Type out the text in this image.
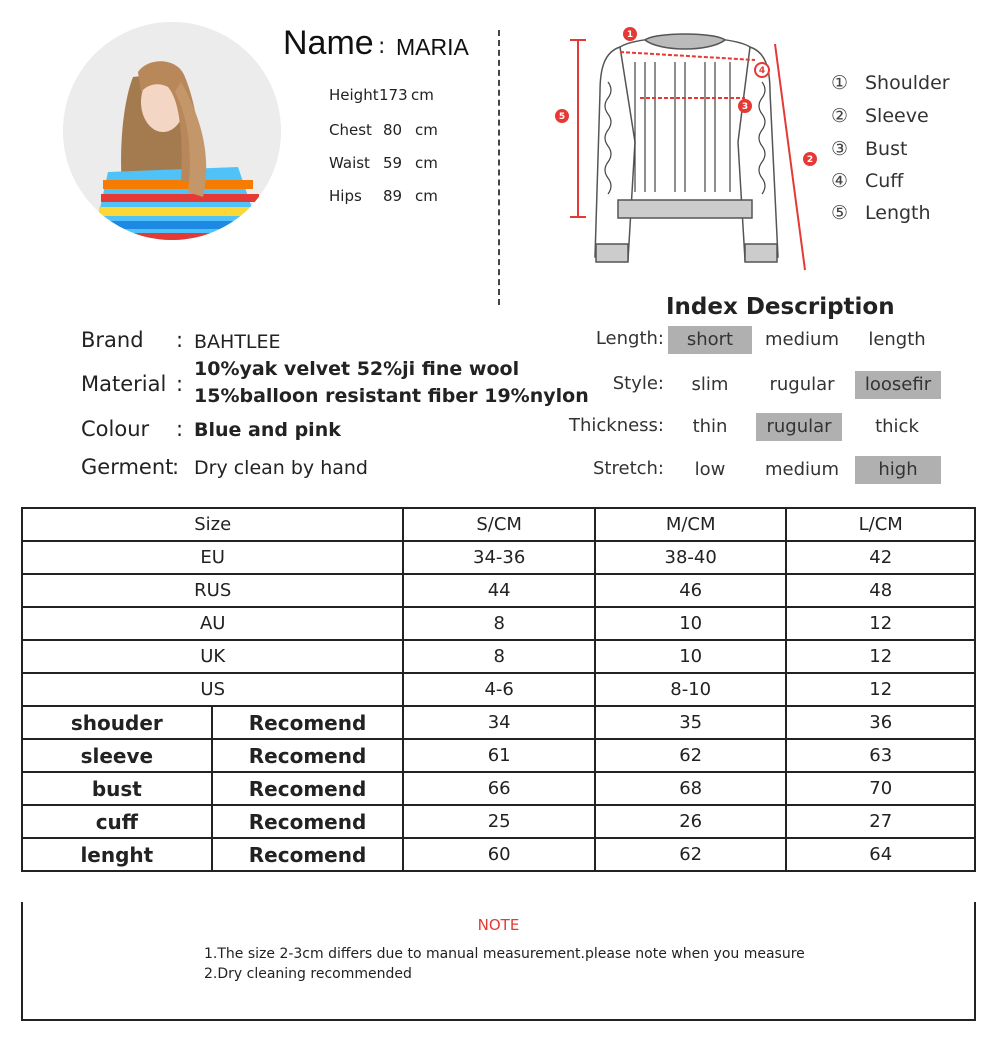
Name : MARIA
Height173 cm
Chest 80 cm
Waist 59 cm
Hips 89 cm
1
2
3
4
5
① Shoulder
② Sleeve
③ Bust
④ Cuff
⑤ Length
Index Description
Length:	short	medium	length
Style:	slim	rugular	loosefir
Thickness:	thin	rugular	thick
Stretch:	low	medium	high
Brand : BAHTLEE
Material :
10%yak velvet 52%ji fine wool
15%balloon resistant fiber 19%nylon
Colour : Blue and pink
Germent
: Dry clean by hand
Size		S/CM	M/CM	L/CM
EU		34-36	38-40	42
RUS		44	46	48
AU		8	10	12
UK		8	10	12
US		4-6	8-10	12
shouder	Recomend	34	35	36
sleeve	Recomend	61	62	63
bust	Recomend	66	68	70
cuff	Recomend	25	26	27
lenght	Recomend	60	62	64
NOTE
1.The size 2-3cm differs due to manual measurement.please note when you measure
2.Dry cleaning recommended
